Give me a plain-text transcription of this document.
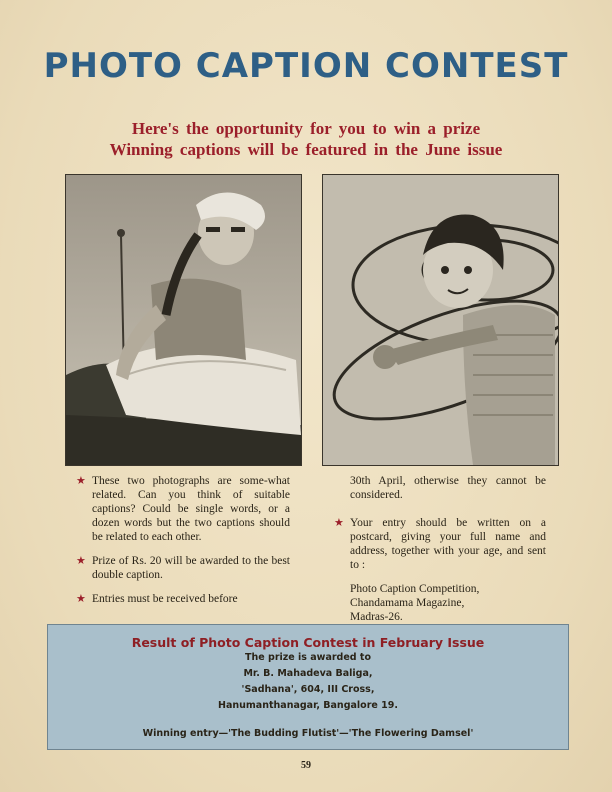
PHOTO CAPTION CONTEST
Here's the opportunity for you to win a prize
Winning captions will be featured in the June issue
★ These two photographs are some-what related. Can you think of suitable captions? Could be single words, or a dozen words but the two captions should be related to each other.
★ Prize of Rs. 20 will be awarded to the best double caption.
★ Entries must be received before
30th April, otherwise they cannot be considered.
★ Your entry should be written on a postcard, giving your full name and address, together with your age, and sent to :
Photo Caption Competition,
Chandamama Magazine,
Madras-26.
Result of Photo Caption Contest in February Issue
The prize is awarded to
Mr. B. Mahadeva Baliga,
'Sadhana', 604, III Cross,
Hanumanthanagar, Bangalore 19.
Winning entry—'The Budding Flutist'—'The Flowering Damsel'
59
